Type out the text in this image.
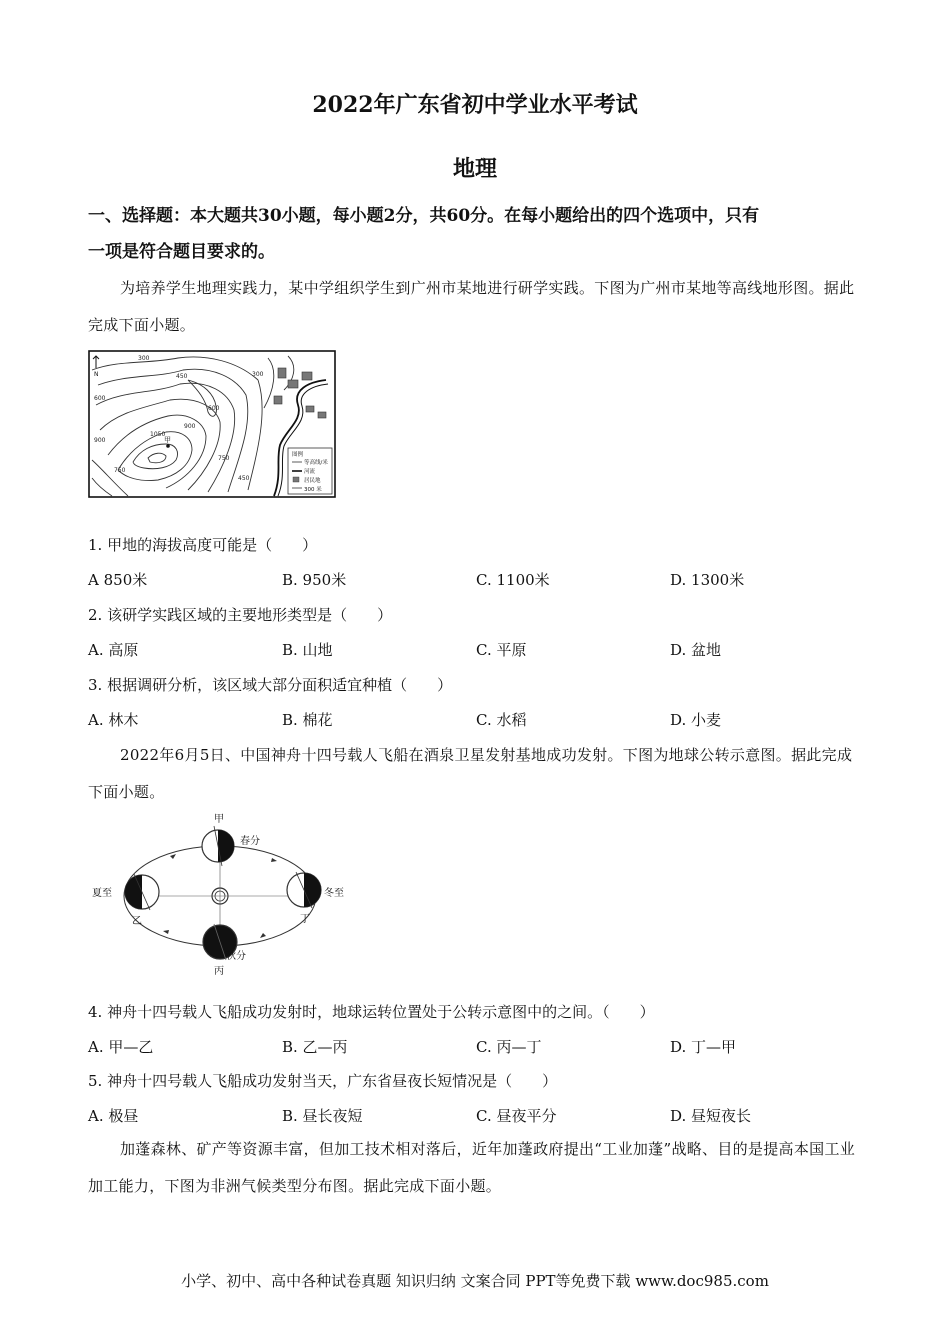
2022年广东省初中学业水平考试
地理
一、选择题：本大题共30小题，每小题2分，共60分。在每小题给出的四个选项中，只有
一项是符合题目要求的。
为培养学生地理实践力，某中学组织学生到广州市某地进行研学实践。下图为广州市某地等高线地形图。据此完成下面小题。
300
450
600
900
1050
900
750
750
450
600
300
甲
N
图例
等高线/米
河流
居民地
300 米
1. 甲地的海拔高度可能是（　　）
A 850米	B. 950米	C. 1100米	D. 1300米
2. 该研学实践区域的主要地形类型是（　　）
A. 高原	B. 山地	C. 平原	D. 盆地
3. 根据调研分析，该区域大部分面积适宜种植（　　）
A. 林木	B. 棉花	C. 水稻	D. 小麦
2022年6月5日、中国神舟十四号载人飞船在酒泉卫星发射基地成功发射。下图为地球公转示意图。据此完成下面小题。
甲
春分
夏至
乙
冬至
丁
秋分
丙
4. 神舟十四号载人飞船成功发射时，地球运转位置处于公转示意图中的之间。（　　）
A. 甲—乙	B. 乙—丙	C. 丙—丁	D. 丁—甲
5. 神舟十四号载人飞船成功发射当天，广东省昼夜长短情况是（　　）
A. 极昼	B. 昼长夜短	C. 昼夜平分	D. 昼短夜长
加蓬森林、矿产等资源丰富，但加工技术相对落后，近年加蓬政府提出“工业加蓬”战略、目的是提高本国工业加工能力，下图为非洲气候类型分布图。据此完成下面小题。
小学、初中、高中各种试卷真题 知识归纳 文案合同 PPT等免费下载 www.doc985.com
